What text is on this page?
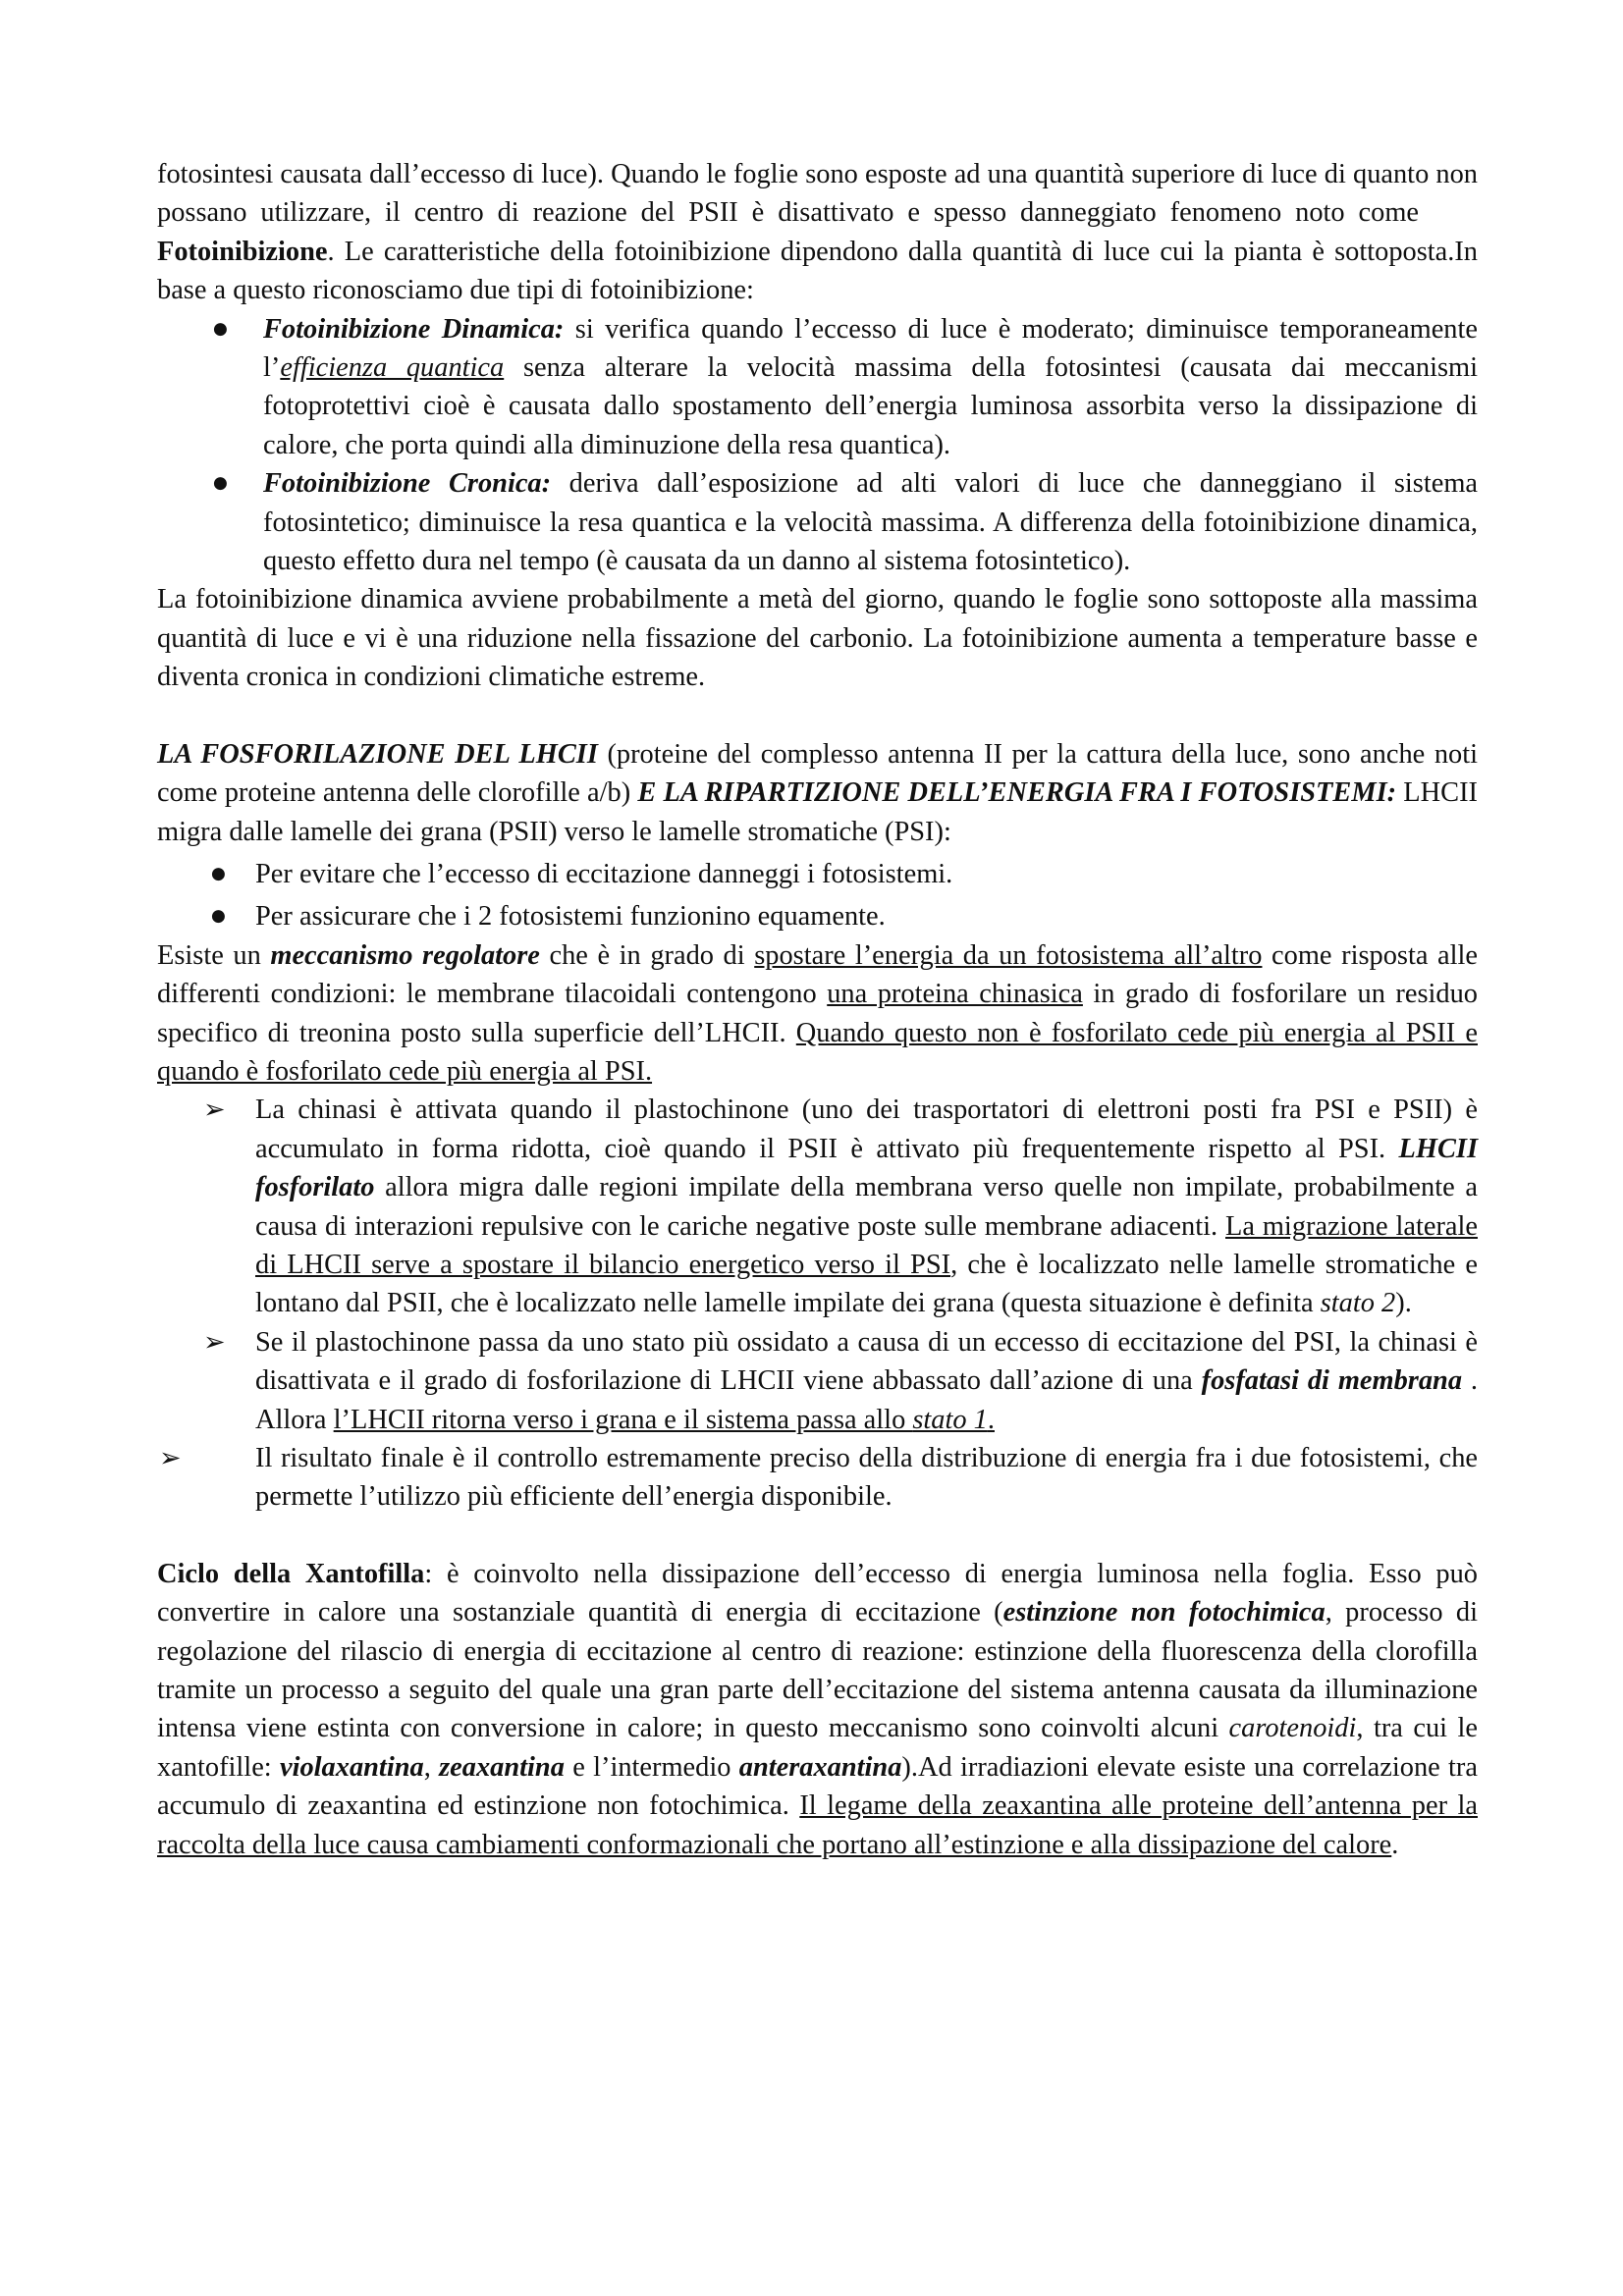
fotosintesi causata dall’eccesso di luce). Quando le foglie sono esposte ad una quantità superiore di luce di quanto non possano utilizzare, il centro di reazione del PSII è disattivato e spesso danneggiato fenomeno noto comeFotoinibizione. Le caratteristiche della fotoinibizione dipendono dalla quantità di luce cui la pianta è sottoposta.In base a questo riconosciamo due tipi di fotoinibizione:

● Fotoinibizione Dinamica: si verifica quando l’eccesso di luce è moderato; diminuisce temporaneamente l’efficienza quantica senza alterare la velocità massima della fotosintesi (causata dai meccanismi fotoprotettivi cioè è causata dallo spostamento dell’energia luminosa assorbita verso la dissipazione di calore, che porta quindi alla diminuzione della resa quantica).
● Fotoinibizione Cronica: deriva dall’esposizione ad alti valori di luce che danneggiano il sistema fotosintetico; diminuisce la resa quantica e la velocità massima. A differenza della fotoinibizione dinamica, questo effetto dura nel tempo (è causata da un danno al sistema fotosintetico).

La fotoinibizione dinamica avviene probabilmente a metà del giorno, quando le foglie sono sottoposte alla massima quantità di luce e vi è una riduzione nella fissazione del carbonio. La fotoinibizione aumenta a temperature basse e diventa cronica in condizioni climatiche estreme.

LA FOSFORILAZIONE DEL LHCII (proteine del complesso antenna II per la cattura della luce, sono anche noti come proteine antenna delle clorofille a/b) E LA RIPARTIZIONE DELL’ENERGIA FRA I FOTOSISTEMI: LHCII migra dalle lamelle dei grana (PSII) verso le lamelle stromatiche (PSI):

● Per evitare che l’eccesso di eccitazione danneggi i fotosistemi.
● Per assicurare che i 2 fotosistemi funzionino equamente.

Esiste un meccanismo regolatore che è in grado di spostare l’energia da un fotosistema all’altro come risposta alle differenti condizioni: le membrane tilacoidali contengono una proteina chinasica in grado di fosforilare un residuo specifico di treonina posto sulla superficie dell’LHCII. Quando questo non è fosforilato cede più energia al PSII e quando è fosforilato cede più energia al PSI.

➢ La chinasi è attivata quando il plastochinone (uno dei trasportatori di elettroni posti fra PSI e PSII) è accumulato in forma ridotta, cioè quando il PSII è attivato più frequentemente rispetto al PSI. LHCII fosforilato allora migra dalle regioni impilate della membrana verso quelle non impilate, probabilmente a causa di interazioni repulsive con le cariche negative poste sulle membrane adiacenti. La migrazione laterale di LHCII serve a spostare il bilancio energetico verso il PSI, che è localizzato nelle lamelle stromatiche e lontano dal PSII, che è localizzato nelle lamelle impilate dei grana (questa situazione è definita stato 2).
➢ Se il plastochinone passa da uno stato più ossidato a causa di un eccesso di eccitazione del PSI, la chinasi è disattivata e il grado di fosforilazione di LHCII viene abbassato dall’azione di una fosfatasi di membrana . Allora l’LHCII ritorna verso i grana e il sistema passa allo stato 1.
➢ Il risultato finale è il controllo estremamente preciso della distribuzione di energia fra i due fotosistemi, che permette l’utilizzo più efficiente dell’energia disponibile.

Ciclo della Xantofilla: è coinvolto nella dissipazione dell’eccesso di energia luminosa nella foglia. Esso può convertire in calore una sostanziale quantità di energia di eccitazione (estinzione non fotochimica, processo di regolazione del rilascio di energia di eccitazione al centro di reazione: estinzione della fluorescenza della clorofilla tramite un processo a seguito del quale una gran parte dell’eccitazione del sistema antenna causata da illuminazione intensa viene estinta con conversione in calore; in questo meccanismo sono coinvolti alcuni carotenoidi, tra cui le xantofille: violaxantina, zeaxantina e l’intermedio anteraxantina).Ad irradiazioni elevate esiste una correlazione tra accumulo di zeaxantina ed estinzione non fotochimica. Il legame della zeaxantina alle proteine dell’antenna per la raccolta della luce causa cambiamenti conformazionali che portano all’estinzione e alla dissipazione del calore.
